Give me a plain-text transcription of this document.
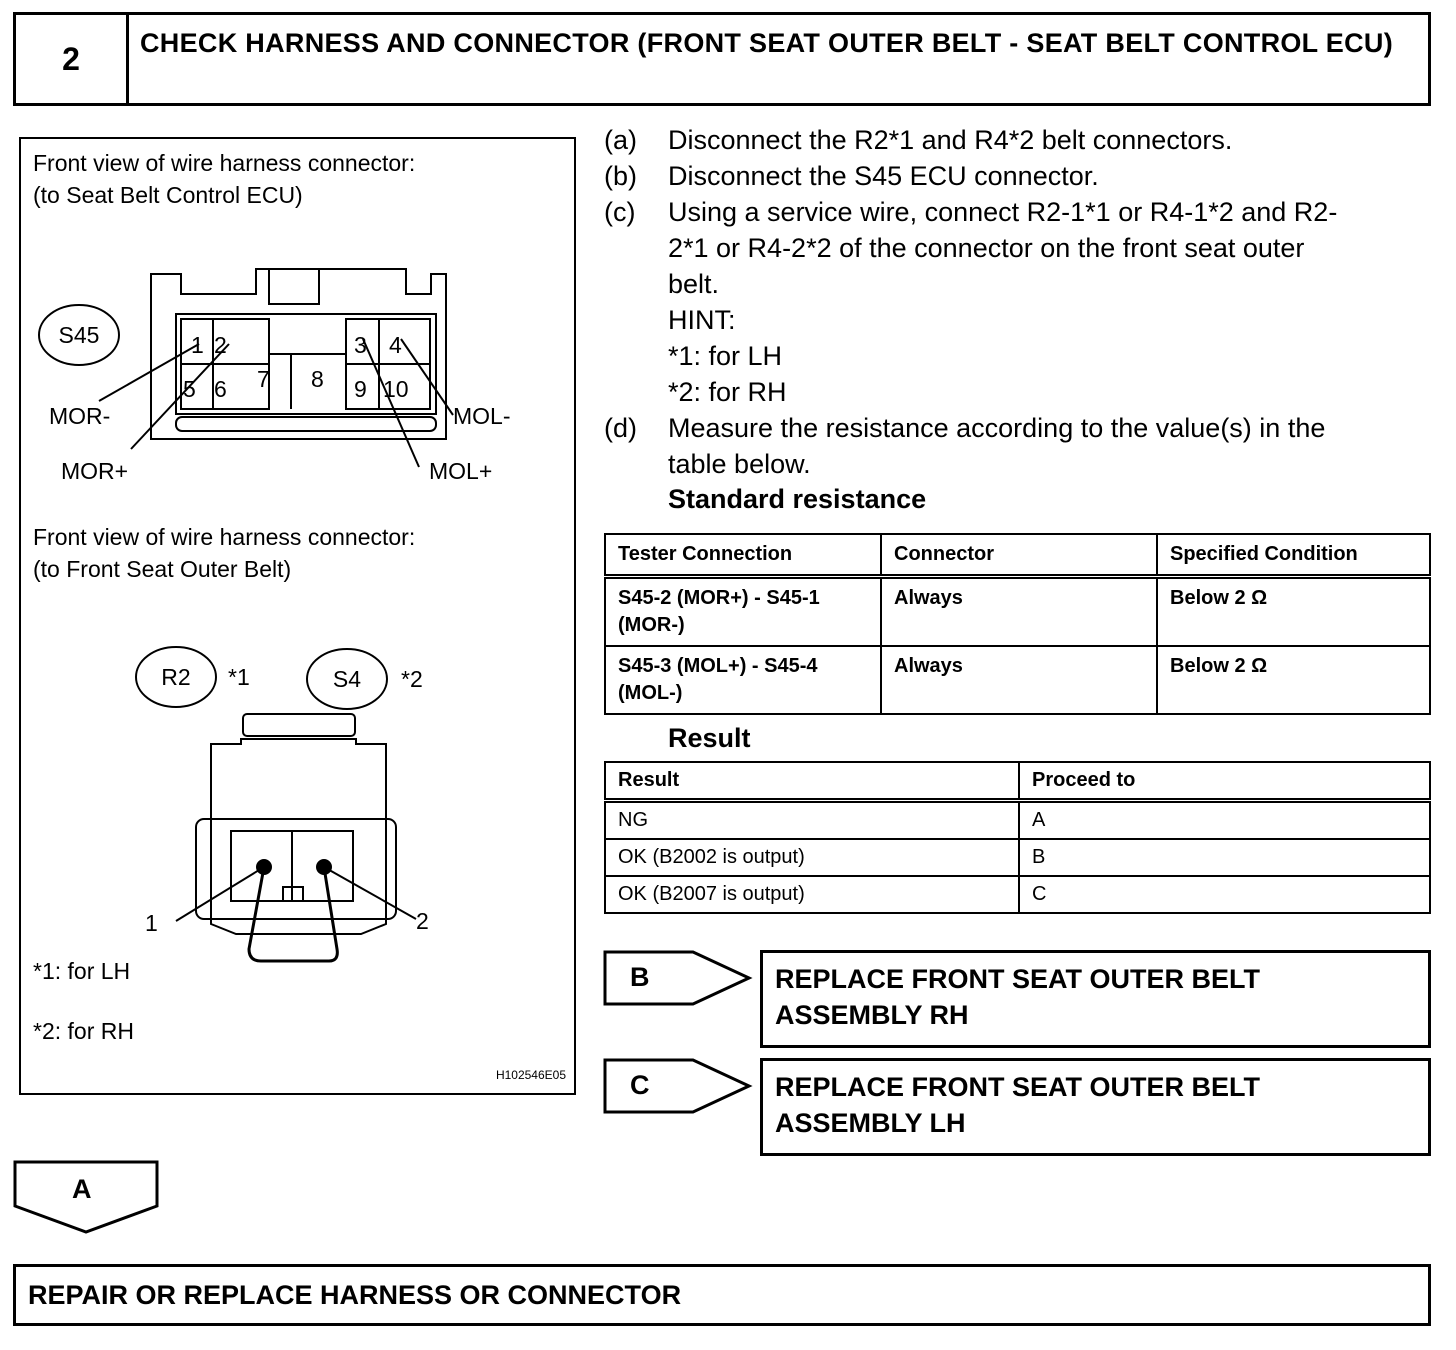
2	CHECK HARNESS AND CONNECTOR (FRONT SEAT OUTER BELT - SEAT BELT CONTROL ECU)
Front view of wire harness connector:
(to Seat Belt Control ECU)
Front view of wire harness connector:
(to Front Seat Outer Belt)
S45	1 2
5 6 7 8
3 4
9 10
MOR-
MOR+
MOL-
MOL+
R2 *1	S4 *2
1	2
*1: for LH
*2: for RH
H102546E05
(a) Disconnect the R2*1 and R4*2 belt connectors.
(b) Disconnect the S45 ECU connector.
(c) Using a service wire, connect R2-1*1 or R4-1*2 and R2-
2*1 or R4-2*2 of the connector on the front seat outer
belt.
HINT:
*1: for LH
*2: for RH
(d) Measure the resistance according to the value(s) in the
table below.
Standard resistance
Tester Connection	Connector	Specified Condition
S45-2 (MOR+) - S45-1 (MOR-)	Always	Below 2 Ω
S45-3 (MOL+) - S45-4 (MOL-)	Always	Below 2 Ω
Result
Result	Proceed to
NG	A
OK (B2002 is output)	B
OK (B2007 is output)	C
B	REPLACE FRONT SEAT OUTER BELT
ASSEMBLY RH
C	REPLACE FRONT SEAT OUTER BELT
ASSEMBLY LH
A
REPAIR OR REPLACE HARNESS OR CONNECTOR
